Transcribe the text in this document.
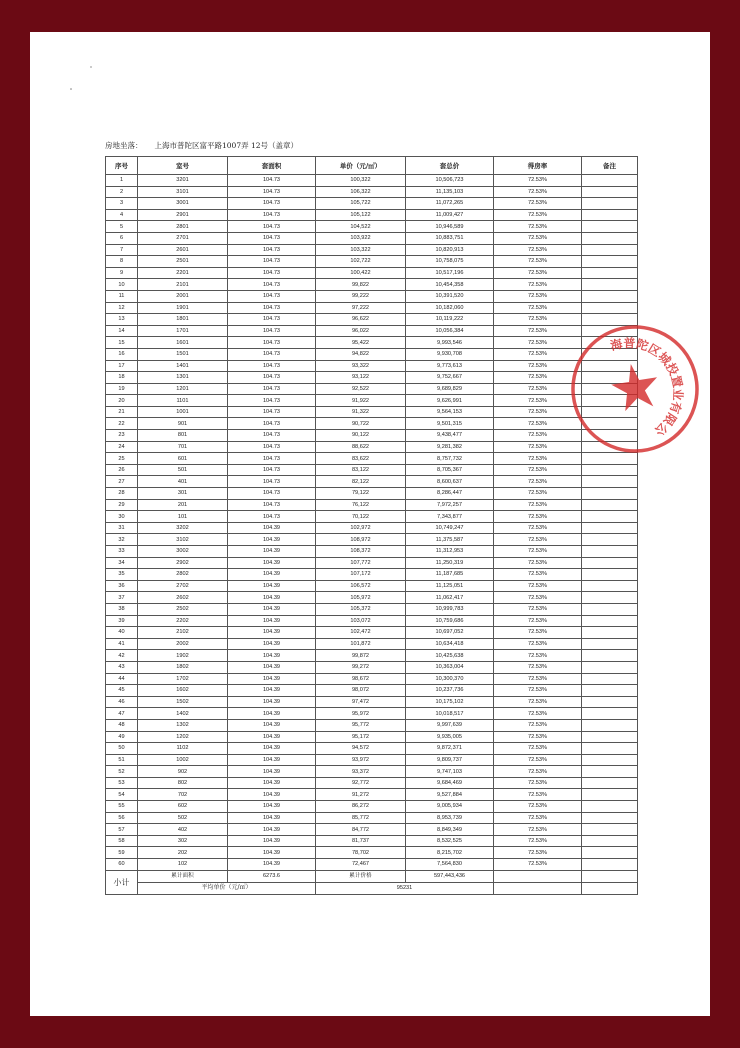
房地坐落： 上海市普陀区富平路1007弄 12号（盖章）
序号	室号	套面积	单价（元/㎡）	套总价	得房率	备注
1	3201	104.73	100,322	10,506,723	72.53%	
2	3101	104.73	106,322	11,135,103	72.53%	
3	3001	104.73	105,722	11,072,265	72.53%	
4	2901	104.73	105,122	11,009,427	72.53%	
5	2801	104.73	104,522	10,946,589	72.53%	
6	2701	104.73	103,922	10,883,751	72.53%	
7	2601	104.73	103,322	10,820,913	72.53%	
8	2501	104.73	102,722	10,758,075	72.53%	
9	2201	104.73	100,422	10,517,196	72.53%	
10	2101	104.73	99,822	10,454,358	72.53%	
11	2001	104.73	99,222	10,391,520	72.53%	
12	1901	104.73	97,222	10,182,060	72.53%	
13	1801	104.73	96,622	10,119,222	72.53%	
14	1701	104.73	96,022	10,056,384	72.53%	
15	1601	104.73	95,422	9,993,546	72.53%	
16	1501	104.73	94,822	9,930,708	72.53%	
17	1401	104.73	93,322	9,773,613	72.53%	
18	1301	104.73	93,122	9,752,667	72.53%	
19	1201	104.73	92,522	9,689,829	72.53%	
20	1101	104.73	91,922	9,626,991	72.53%	
21	1001	104.73	91,322	9,564,153	72.53%	
22	901	104.73	90,722	9,501,315	72.53%	
23	801	104.73	90,122	9,438,477	72.53%	
24	701	104.73	88,622	9,281,382	72.53%	
25	601	104.73	83,622	8,757,732	72.53%	
26	501	104.73	83,122	8,705,367	72.53%	
27	401	104.73	82,122	8,600,637	72.53%	
28	301	104.73	79,122	8,286,447	72.53%	
29	201	104.73	76,122	7,972,257	72.53%	
30	101	104.73	70,122	7,343,877	72.53%	
31	3202	104.39	102,972	10,749,247	72.53%	
32	3102	104.39	108,972	11,375,587	72.53%	
33	3002	104.39	108,372	11,312,953	72.53%	
34	2902	104.39	107,772	11,250,319	72.53%	
35	2802	104.39	107,172	11,187,685	72.53%	
36	2702	104.39	106,572	11,125,051	72.53%	
37	2602	104.39	105,972	11,062,417	72.53%	
38	2502	104.39	105,372	10,999,783	72.53%	
39	2202	104.39	103,072	10,759,686	72.53%	
40	2102	104.39	102,472	10,697,052	72.53%	
41	2002	104.39	101,872	10,634,418	72.53%	
42	1902	104.39	99,872	10,425,638	72.53%	
43	1802	104.39	99,272	10,363,004	72.53%	
44	1702	104.39	98,672	10,300,370	72.53%	
45	1602	104.39	98,072	10,237,736	72.53%	
46	1502	104.39	97,472	10,175,102	72.53%	
47	1402	104.39	95,972	10,018,517	72.53%	
48	1302	104.39	95,772	9,997,639	72.53%	
49	1202	104.39	95,172	9,935,005	72.53%	
50	1102	104.39	94,572	9,872,371	72.53%	
51	1002	104.39	93,972	9,809,737	72.53%	
52	902	104.39	93,372	9,747,103	72.53%	
53	802	104.39	92,772	9,684,469	72.53%	
54	702	104.39	91,272	9,527,884	72.53%	
55	602	104.39	86,272	9,005,934	72.53%	
56	502	104.39	85,772	8,953,739	72.53%	
57	402	104.39	84,772	8,849,349	72.53%	
58	302	104.39	81,737	8,532,525	72.53%	
59	202	104.39	78,702	8,215,702	72.53%	
60	102	104.39	72,467	7,564,830	72.53%	
小计	累计面积	6273.6	累计价格	597,443,436		
	平均单价（元/㎡）		95231			
上海普陀区城投置业有限公司
